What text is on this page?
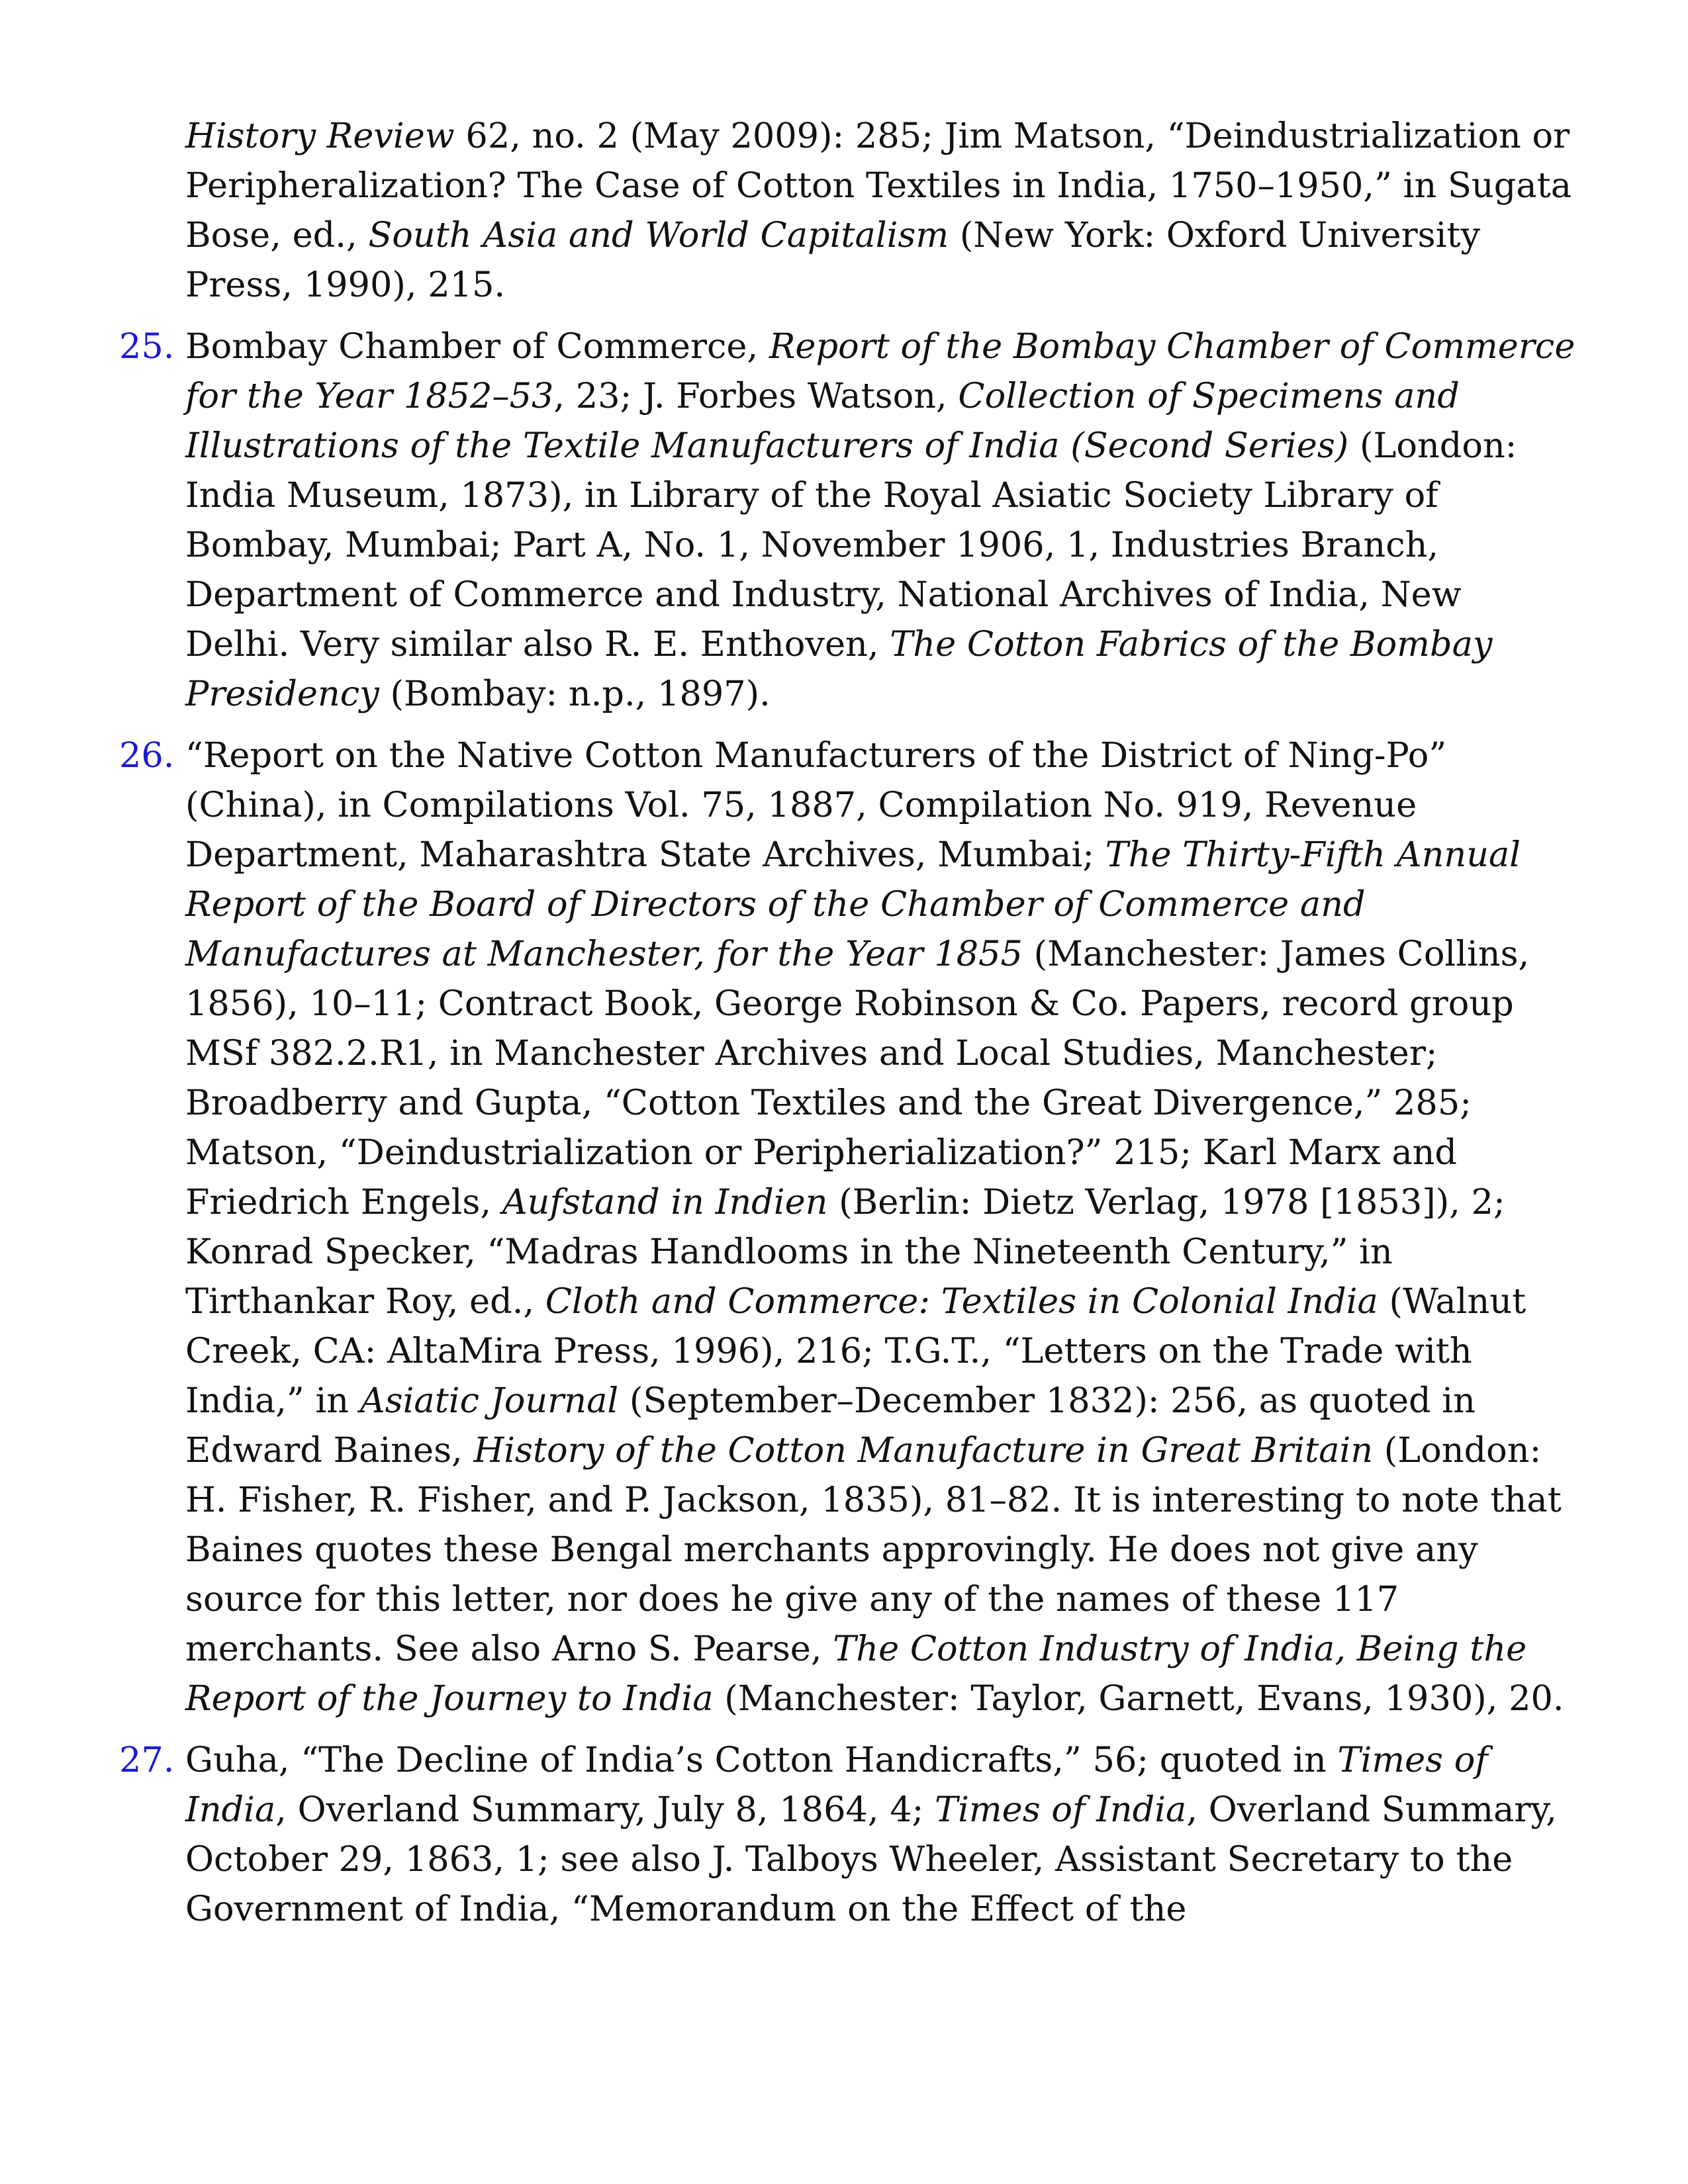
History Review 62, no. 2 (May 2009): 285; Jim Matson, “Deindustrialization or Peripheralization? The Case of Cotton Textiles in India, 1750–1950,” in Sugata Bose, ed., South Asia and World Capitalism (New York: Oxford University Press, 1990), 215.
25. Bombay Chamber of Commerce, Report of the Bombay Chamber of Commerce for the Year 1852–53, 23; J. Forbes Watson, Collection of Specimens and Illustrations of the Textile Manufacturers of India (Second Series) (London: India Museum, 1873), in Library of the Royal Asiatic Society Library of Bombay, Mumbai; Part A, No. 1, November 1906, 1, Industries Branch, Department of Commerce and Industry, National Archives of India, New Delhi. Very similar also R. E. Enthoven, The Cotton Fabrics of the Bombay Presidency (Bombay: n.p., 1897).
26. “Report on the Native Cotton Manufacturers of the District of Ning-Po” (China), in Compilations Vol. 75, 1887, Compilation No. 919, Revenue Department, Maharashtra State Archives, Mumbai; The Thirty-Fifth Annual Report of the Board of Directors of the Chamber of Commerce and Manufactures at Manchester, for the Year 1855 (Manchester: James Collins, 1856), 10–11; Contract Book, George Robinson & Co. Papers, record group MSf 382.2.R1, in Manchester Archives and Local Studies, Manchester; Broadberry and Gupta, “Cotton Textiles and the Great Divergence,” 285; Matson, “Deindustrialization or Peripherialization?” 215; Karl Marx and Friedrich Engels, Aufstand in Indien (Berlin: Dietz Verlag, 1978 [1853]), 2; Konrad Specker, “Madras Handlooms in the Nineteenth Century,” in Tirthankar Roy, ed., Cloth and Commerce: Textiles in Colonial India (Walnut Creek, CA: AltaMira Press, 1996), 216; T.G.T., “Letters on the Trade with India,” in Asiatic Journal (September–December 1832): 256, as quoted in Edward Baines, History of the Cotton Manufacture in Great Britain (London: H. Fisher, R. Fisher, and P. Jackson, 1835), 81–82. It is interesting to note that Baines quotes these Bengal merchants approvingly. He does not give any source for this letter, nor does he give any of the names of these 117 merchants. See also Arno S. Pearse, The Cotton Industry of India, Being the Report of the Journey to India (Manchester: Taylor, Garnett, Evans, 1930), 20.
27. Guha, “The Decline of India’s Cotton Handicrafts,” 56; quoted in Times of India, Overland Summary, July 8, 1864, 4; Times of India, Overland Summary, October 29, 1863, 1; see also J. Talboys Wheeler, Assistant Secretary to the Government of India, “Memorandum on the Effect of the
